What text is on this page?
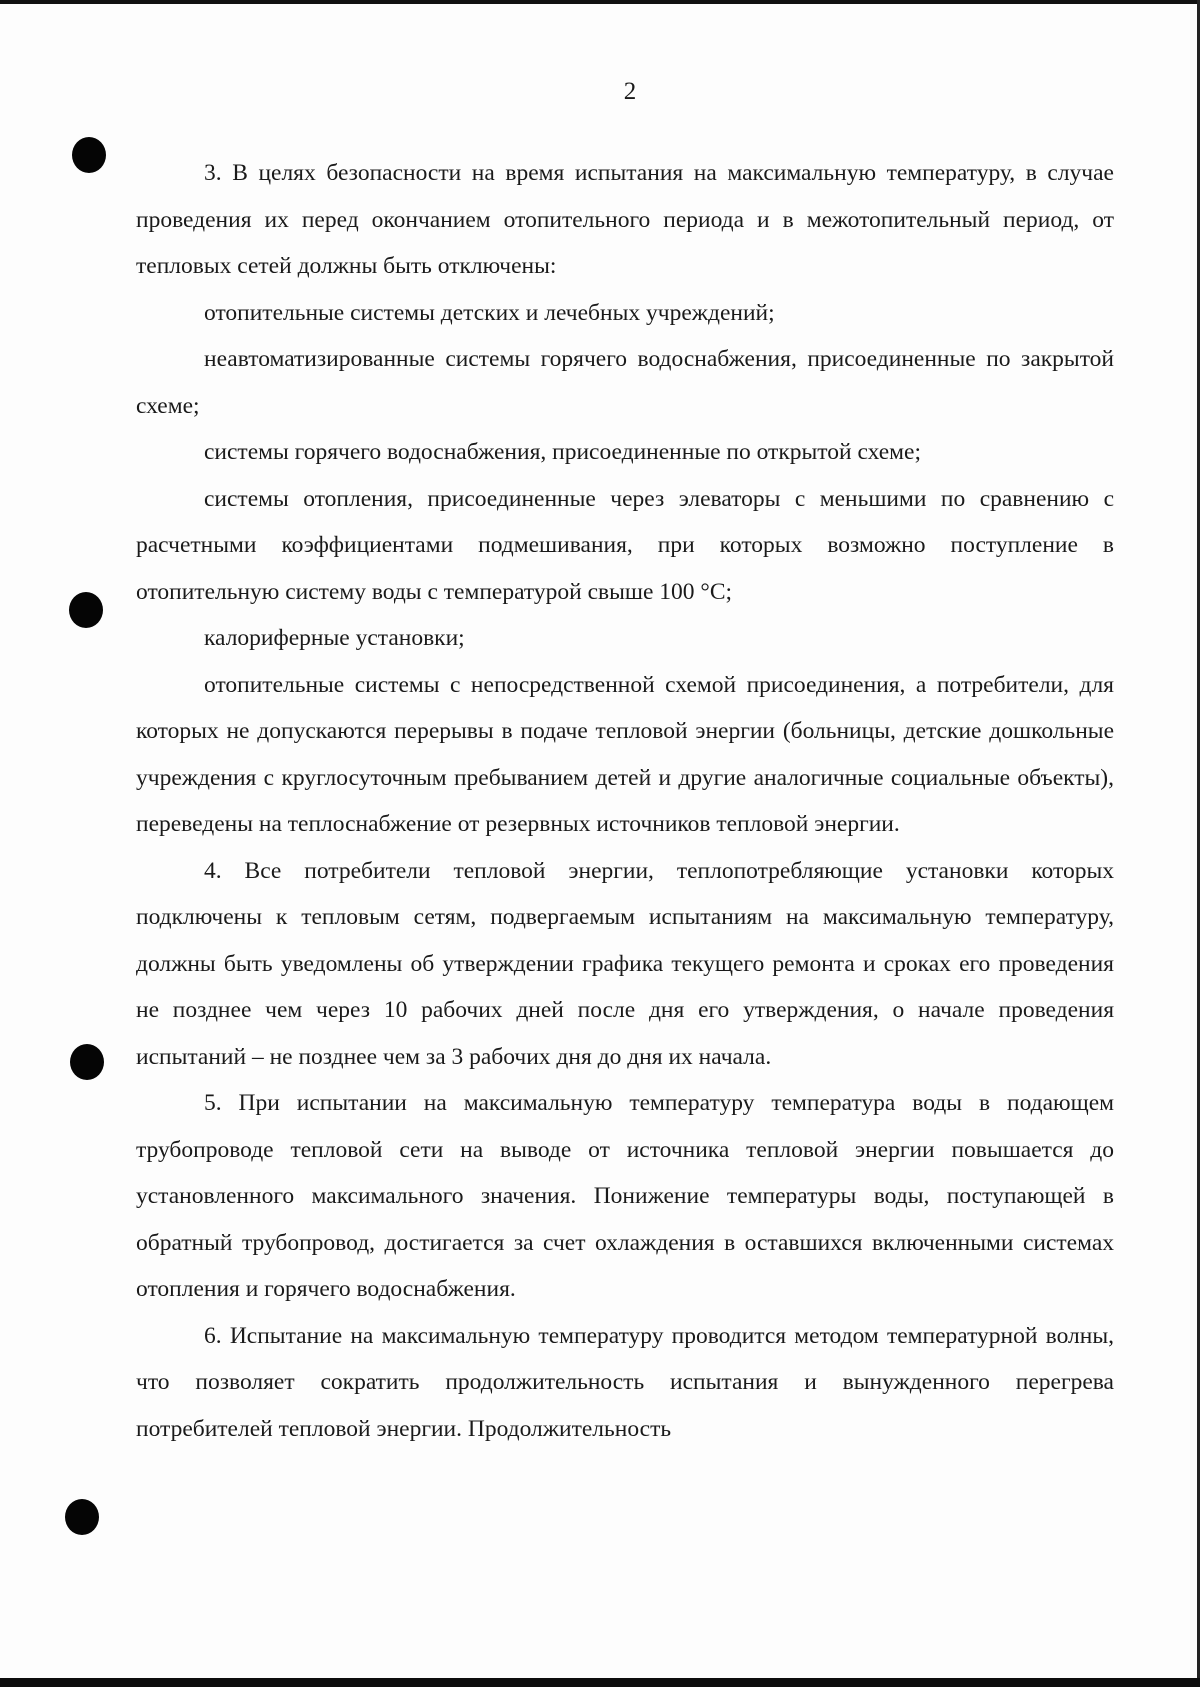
2

3. В целях безопасности на время испытания на максимальную температуру, в случае проведения их перед окончанием отопительного периода и в межотопительный период, от тепловых сетей должны быть отключены:

отопительные системы детских и лечебных учреждений;

неавтоматизированные системы горячего водоснабжения, присоединенные по закрытой схеме;

системы горячего водоснабжения, присоединенные по открытой схеме;

системы отопления, присоединенные через элеваторы с меньшими по сравнению с расчетными коэффициентами подмешивания, при которых возможно поступление в отопительную систему воды с температурой свыше 100 °С;

калориферные установки;

отопительные системы с непосредственной схемой присоединения, а потребители, для которых не допускаются перерывы в подаче тепловой энергии (больницы, детские дошкольные учреждения с круглосуточным пребыванием детей и другие аналогичные социальные объекты), переведены на теплоснабжение от резервных источников тепловой энергии.

4. Все потребители тепловой энергии, теплопотребляющие установки которых подключены к тепловым сетям, подвергаемым испытаниям на максимальную температуру, должны быть уведомлены об утверждении графика текущего ремонта и сроках его проведения не позднее чем через 10 рабочих дней после дня его утверждения, о начале проведения испытаний – не позднее чем за 3 рабочих дня до дня их начала.

5. При испытании на максимальную температуру температура воды в подающем трубопроводе тепловой сети на выводе от источника тепловой энергии повышается до установленного максимального значения. Понижение температуры воды, поступающей в обратный трубопровод, достигается за счет охлаждения в оставшихся включенными системах отопления и горячего водоснабжения.

6. Испытание на максимальную температуру проводится методом температурной волны, что позволяет сократить продолжительность испытания и вынужденного перегрева потребителей тепловой энергии. Продолжительность
